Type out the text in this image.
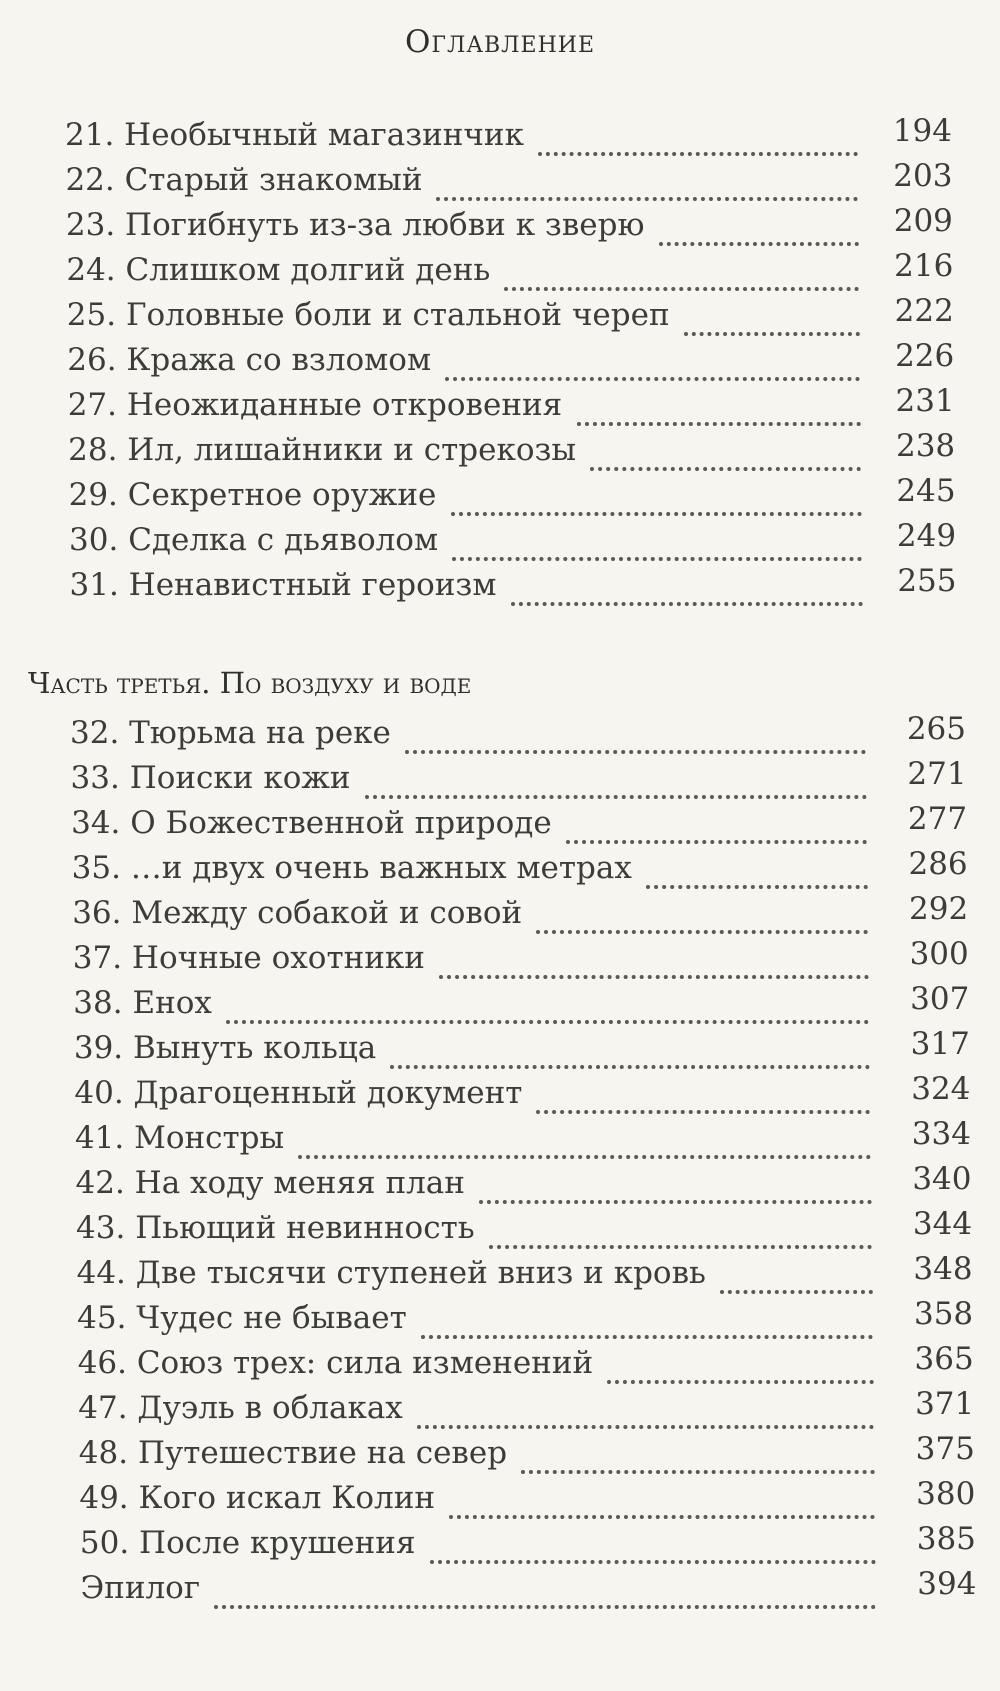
Оглавление
21. Необычный магазинчик	194
22. Старый знакомый	203
23. Погибнуть из-за любви к зверю	209
24. Слишком долгий день	216
25. Головные боли и стальной череп	222
26. Кража со взломом	226
27. Неожиданные откровения	231
28. Ил, лишайники и стрекозы	238
29. Секретное оружие	245
30. Сделка с дьяволом	249
31. Ненавистный героизм	255
Часть третья. По воздуху и воде
32. Тюрьма на реке	265
33. Поиски кожи	271
34. О Божественной природе	277
35. …и двух очень важных метрах	286
36. Между собакой и совой	292
37. Ночные охотники	300
38. Енох	307
39. Вынуть кольца	317
40. Драгоценный документ	324
41. Монстры	334
42. На ходу меняя план	340
43. Пьющий невинность	344
44. Две тысячи ступеней вниз и кровь	348
45. Чудес не бывает	358
46. Союз трех: сила изменений	365
47. Дуэль в облаках	371
48. Путешествие на север	375
49. Кого искал Колин	380
50. После крушения	385
Эпилог	394
